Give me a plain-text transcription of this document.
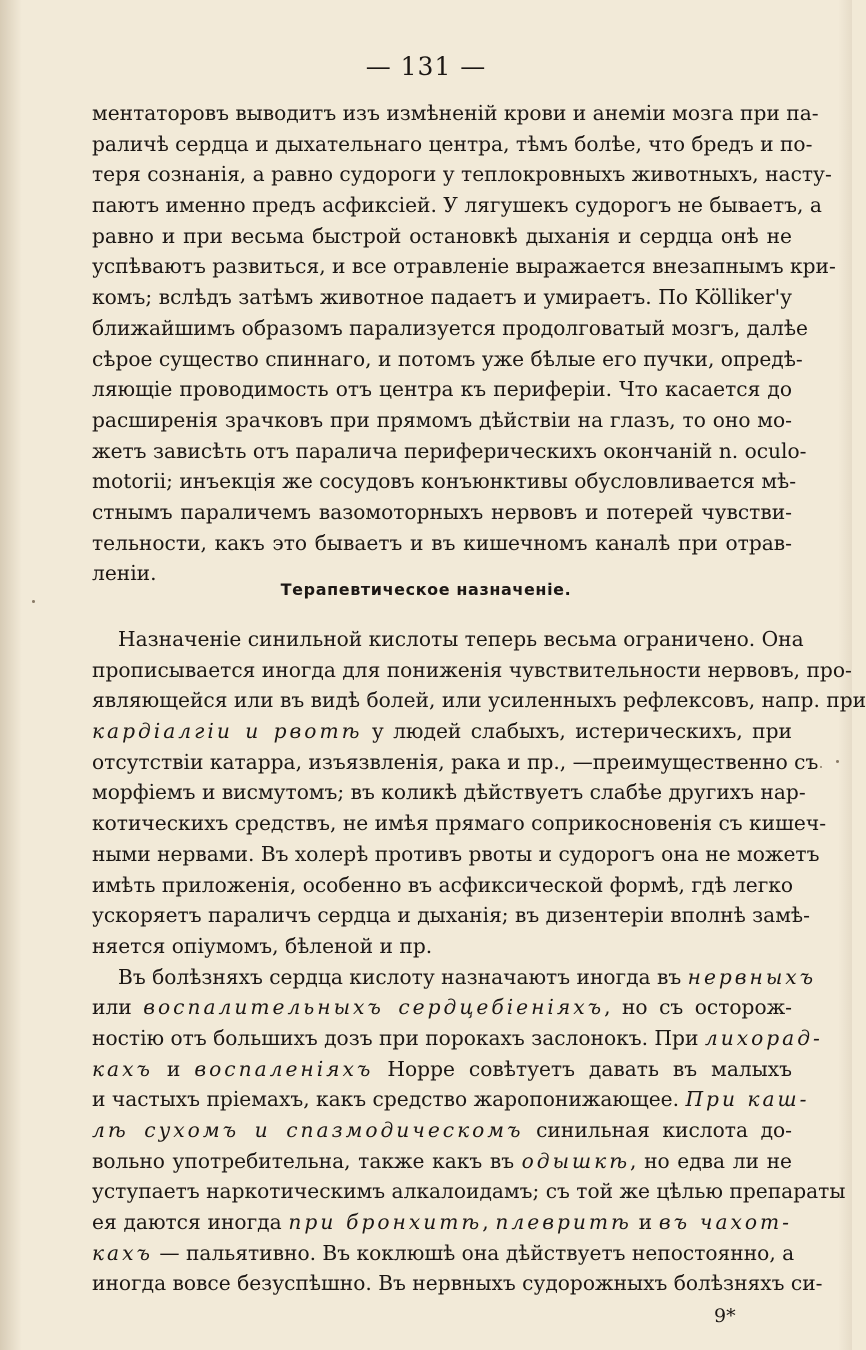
— 131 —
ментаторовъ выводитъ изъ измѣненій крови и анеміи мозга при па-
раличѣ сердца и дыхательнаго центра, тѣмъ болѣе, что бредъ и по-
теря сознанія, а равно судороги у теплокровныхъ животныхъ, насту-
паютъ именно предъ асфиксіей. У лягушекъ судорогъ не бываетъ, а
равно и при весьма быстрой остановкѣ дыханія и сердца онѣ не
успѣваютъ развиться, и все отравленіе выражается внезапнымъ кри-
комъ; вслѣдъ затѣмъ животное падаетъ и умираетъ. По Kölliker'у
ближайшимъ образомъ парализуется продолговатый мозгъ, далѣе
сѣрое существо спиннаго, и потомъ уже бѣлые его пучки, опредѣ-
ляющіе проводимость отъ центра къ периферіи. Что касается до
расширенія зрачковъ при прямомъ дѣйствіи на глазъ, то оно мо-
жетъ зависѣть отъ паралича периферическихъ окончаній n. oculo-
motorii; инъекція же сосудовъ конъюнктивы обусловливается мѣ-
стнымъ параличемъ вазомоторныхъ нервовъ и потерей чувстви-
тельности, какъ это бываетъ и въ кишечномъ каналѣ при отрав-
леніи.
Терапевтическое назначеніе.
Назначеніе синильной кислоты теперь весьма ограничено. Она
прописывается иногда для пониженія чувствительности нервовъ, про-
являющейся или въ видѣ болей, или усиленныхъ рефлексовъ, напр. при
кардіалгіи и рвотѣ у людей слабыхъ, истерическихъ, при
отсутствіи катарра, изъязвленія, рака и пр., —преимущественно съ
морфіемъ и висмутомъ; въ коликѣ дѣйствуетъ слабѣе другихъ нар-
котическихъ средствъ, не имѣя прямаго соприкосновенія съ кишеч-
ными нервами. Въ холерѣ противъ рвоты и судорогъ она не можетъ
имѣть приложенія, особенно въ асфиксической формѣ, гдѣ легко
ускоряетъ параличъ сердца и дыханія; въ дизентеріи вполнѣ замѣ-
няется опіумомъ, бѣленой и пр.
Въ болѣзняхъ сердца кислоту назначаютъ иногда въ нервныхъ
или воспалительныхъ сердцебіеніяхъ, но съ осторож-
ностію отъ большихъ дозъ при порокахъ заслонокъ. При лихорад-
кахъ и воспаленіяхъ Норре совѣтуетъ давать въ малыхъ
и частыхъ пріемахъ, какъ средство жаропонижающее. При каш-
лѣ сухомъ и спазмодическомъ синильная кислота до-
вольно употребительна, также какъ въ одышкѣ, но едва ли не
уступаетъ наркотическимъ алкалоидамъ; съ той же цѣлью препараты
ея даются иногда при бронхитѣ, плевритѣ и въ чахот-
кахъ — пальятивно. Въ коклюшѣ она дѣйствуетъ непостоянно, а
иногда вовсе безуспѣшно. Въ нервныхъ судорожныхъ болѣзняхъ си-
9*
